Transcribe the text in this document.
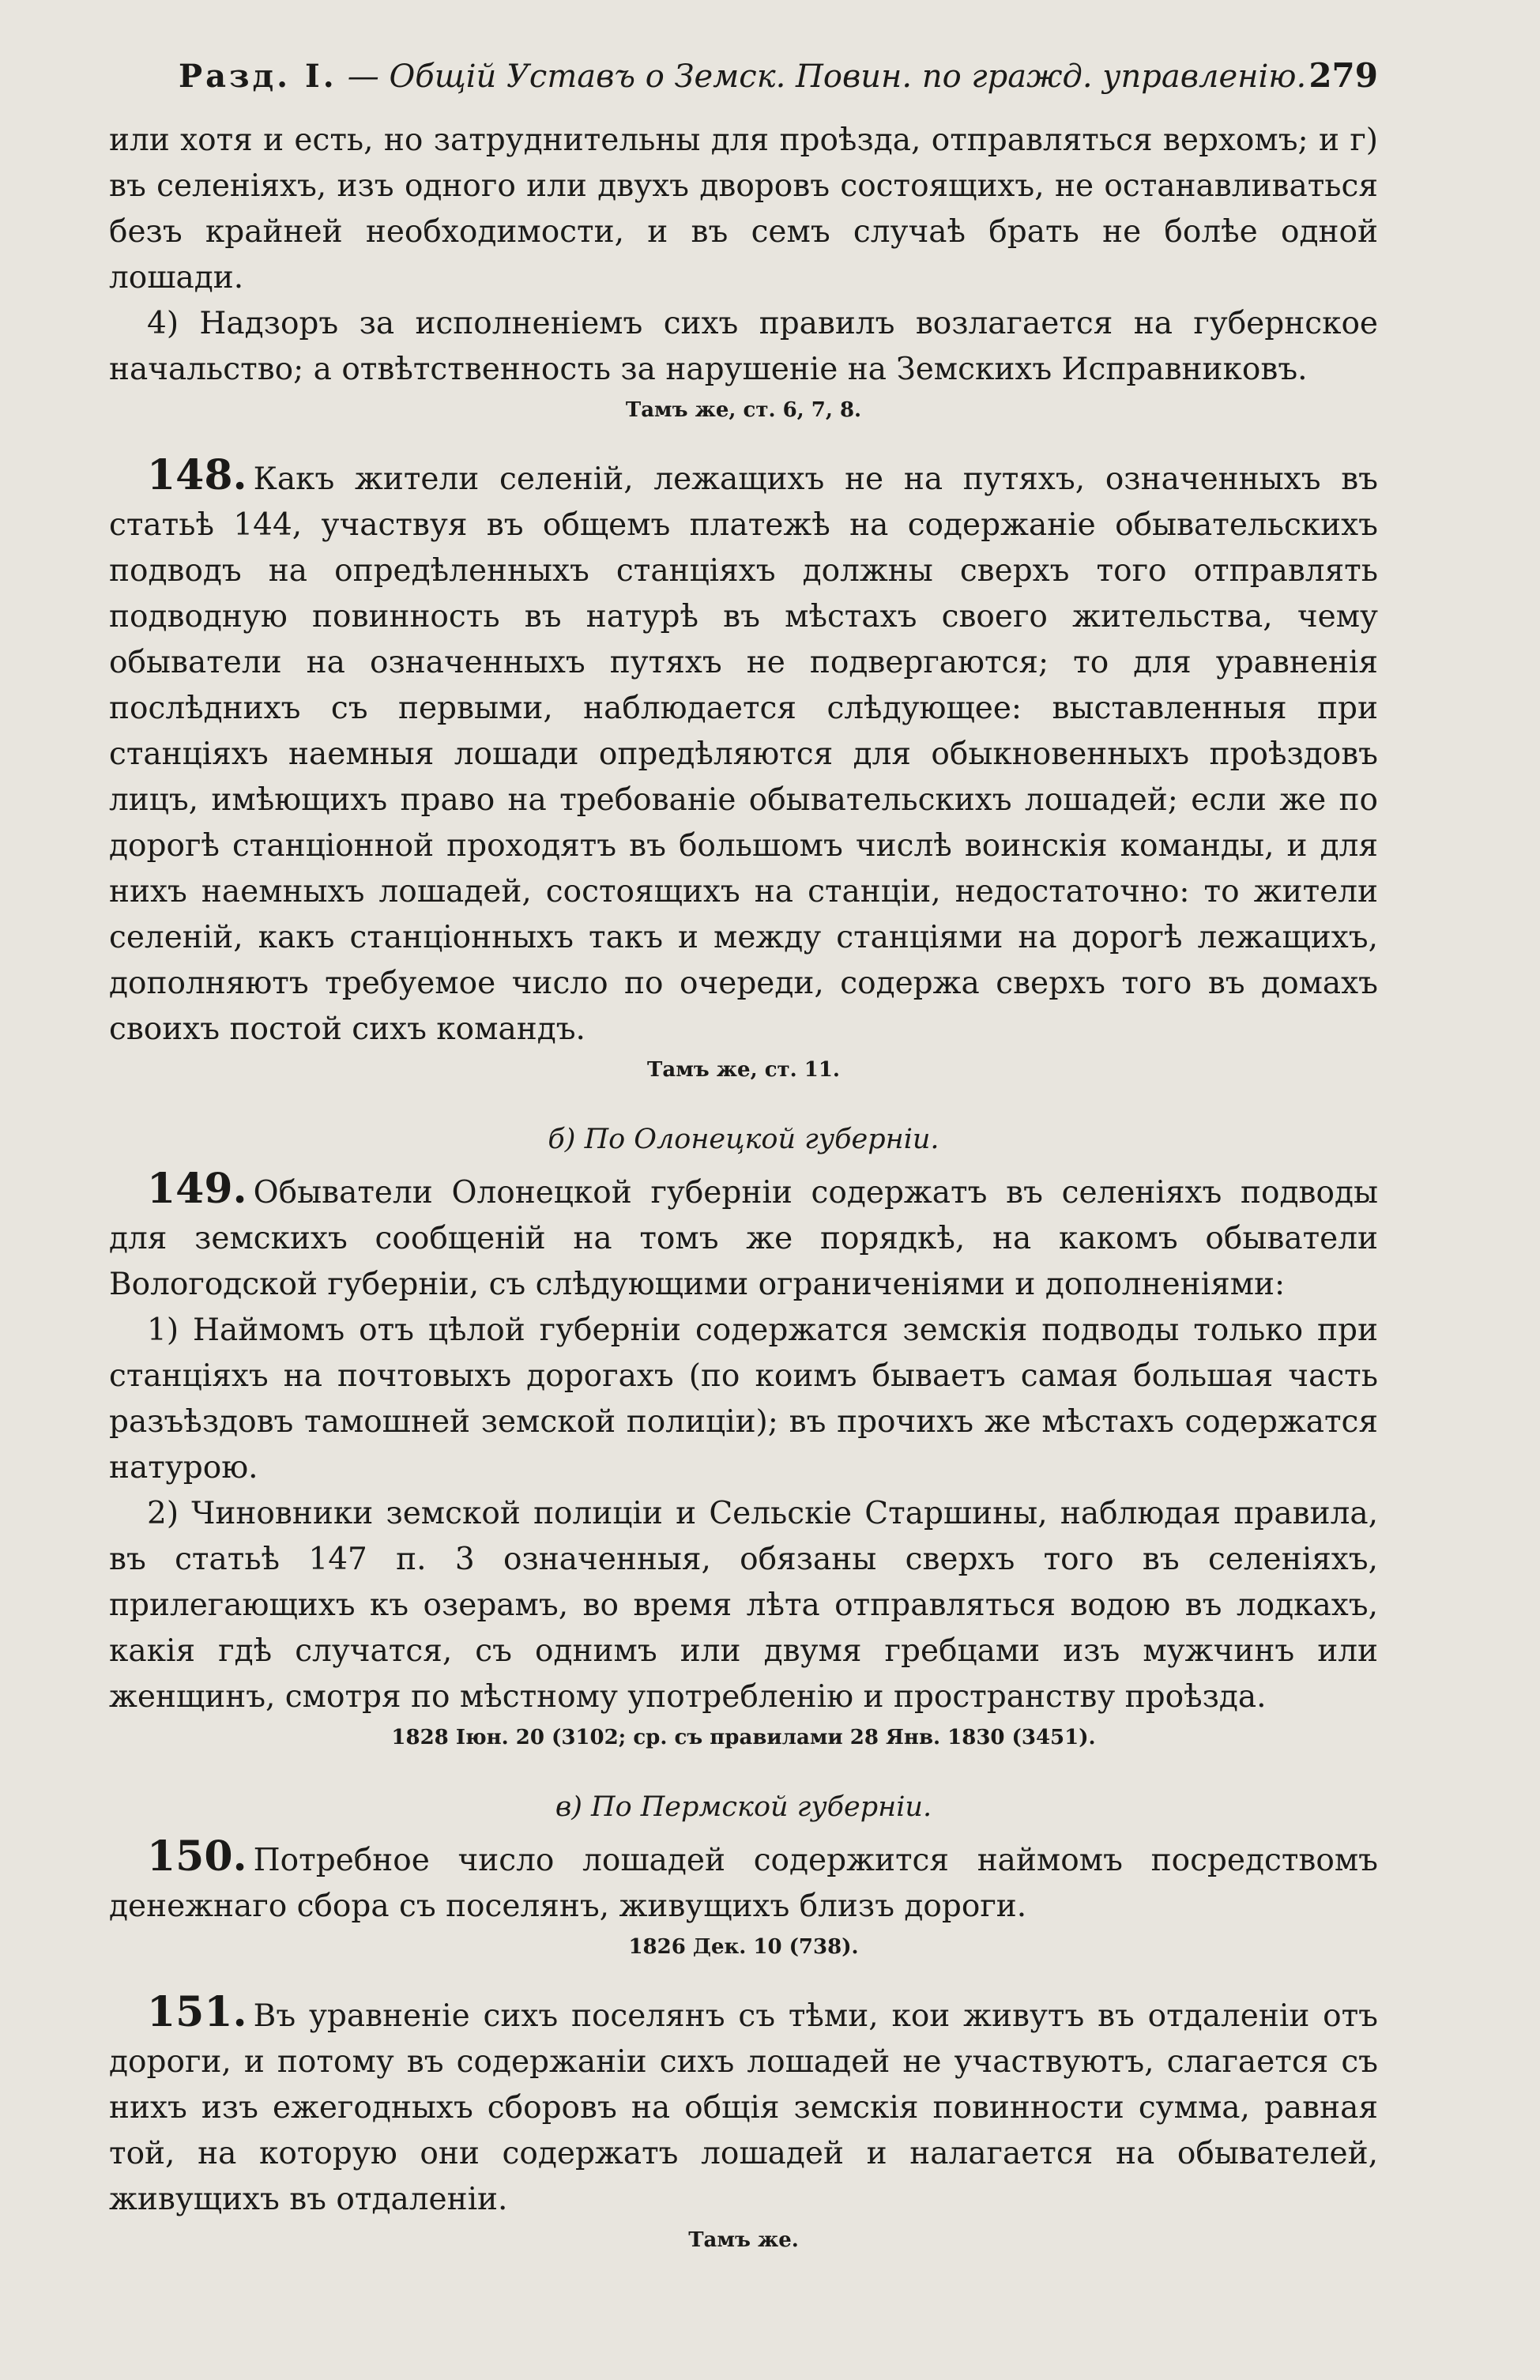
Разд. I. — Общій Уставъ о Земск. Повин. по гражд. управленію. 279

или хотя и есть, но затруднительны для проѣзда, отправляться верхомъ; и г) въ селеніяхъ, изъ одного или двухъ дворовъ состоящихъ, не останавливаться безъ крайней необходимости, и въ семъ случаѣ брать не болѣе одной лошади.

4) Надзоръ за исполненіемъ сихъ правилъ возлагается на губернское начальство; а отвѣтственность за нарушеніе на Земскихъ Исправниковъ.

Тамъ же, ст. 6, 7, 8.

148. Какъ жители селеній, лежащихъ не на путяхъ, означенныхъ въ статьѣ 144, участвуя въ общемъ платежѣ на содержаніе обывательскихъ подводъ на опредѣленныхъ станціяхъ должны сверхъ того отправлять подводную повинность въ натурѣ въ мѣстахъ своего жительства, чему обыватели на означенныхъ путяхъ не подвергаются; то для уравненія послѣднихъ съ первыми, наблюдается слѣдующее: выставленныя при станціяхъ наемныя лошади опредѣляются для обыкновенныхъ проѣздовъ лицъ, имѣющихъ право на требованіе обывательскихъ лошадей; если же по дорогѣ станціонной проходятъ въ большомъ числѣ воинскія команды, и для нихъ наемныхъ лошадей, состоящихъ на станціи, недостаточно: то жители селеній, какъ станціонныхъ такъ и между станціями на дорогѣ лежащихъ, дополняютъ требуемое число по очереди, содержа сверхъ того въ домахъ своихъ постой сихъ командъ.

Тамъ же, ст. 11.
б) По Олонецкой губерніи.

149. Обыватели Олонецкой губерніи содержатъ въ селеніяхъ подводы для земскихъ сообщеній на томъ же порядкѣ, на какомъ обыватели Вологодской губерніи, съ слѣдующими ограниченіями и дополненіями:

1) Наймомъ отъ цѣлой губерніи содержатся земскія подводы только при станціяхъ на почтовыхъ дорогахъ (по коимъ бываетъ самая большая часть разъѣздовъ тамошней земской полиціи); въ прочихъ же мѣстахъ содержатся натурою.

2) Чиновники земской полиціи и Сельскіе Старшины, наблюдая правила, въ статьѣ 147 п. 3 означенныя, обязаны сверхъ того въ селеніяхъ, прилегающихъ къ озерамъ, во время лѣта отправляться водою въ лодкахъ, какія гдѣ случатся, съ однимъ или двумя гребцами изъ мужчинъ или женщинъ, смотря по мѣстному употребленію и пространству проѣзда.

1828 Іюн. 20 (3102; ср. съ правилами 28 Янв. 1830 (3451).
в) По Пермской губерніи.

150. Потребное число лошадей содержится наймомъ посредствомъ денежнаго сбора съ поселянъ, живущихъ близъ дороги.

1826 Дек. 10 (738).

151. Въ уравненіе сихъ поселянъ съ тѣми, кои живутъ въ отдаленіи отъ дороги, и потому въ содержаніи сихъ лошадей не участвуютъ, слагается съ нихъ изъ ежегодныхъ сборовъ на общія земскія повинности сумма, равная той, на которую они содержатъ лошадей и налагается на обывателей, живущихъ въ отдаленіи.

Тамъ же.
